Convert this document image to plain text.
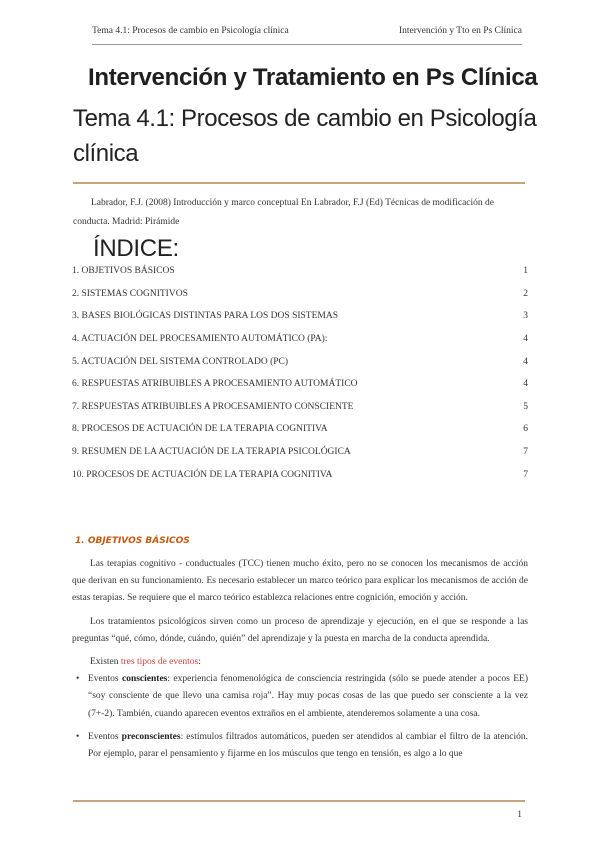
Tema 4.1: Procesos de cambio en Psicología clínica	Intervención y Tto en Ps Clínica
Intervención y Tratamiento en Ps Clínica
Tema 4.1: Procesos de cambio en Psicología clínica
Labrador, F.J. (2008) Introducción y marco conceptual En Labrador, F.J (Ed) Técnicas de modificación de conducta. Madrid: Pirámide
ÍNDICE:
1. OBJETIVOS BÁSICOS	1
2. SISTEMAS COGNITIVOS	2
3. BASES BIOLÓGICAS DISTINTAS PARA LOS DOS SISTEMAS	3
4. ACTUACIÓN DEL PROCESAMIENTO AUTOMÁTICO (PA):	4
5. ACTUACIÓN DEL SISTEMA CONTROLADO (PC)	4
6. RESPUESTAS ATRIBUIBLES A PROCESAMIENTO AUTOMÁTICO	4
7. RESPUESTAS ATRIBUIBLES A PROCESAMIENTO CONSCIENTE	5
8. PROCESOS DE ACTUACIÓN DE LA TERAPIA COGNITIVA	6
9. RESUMEN DE LA ACTUACIÓN DE LA TERAPIA PSICOLÓGICA	7
10. PROCESOS DE ACTUACIÓN DE LA TERAPIA COGNITIVA	7
1. OBJETIVOS BÁSICOS

Las terapias cognitivo - conductuales (TCC) tienen mucho éxito, pero no se conocen los mecanismos de acción que derivan en su funcionamiento. Es necesario establecer un marco teórico para explicar los mecanismos de acción de estas terapias. Se requiere que el marco teórico establezca relaciones entre cognición, emoción y acción.

Los tratamientos psicológicos sirven como un proceso de aprendizaje y ejecución, en el que se responde a las preguntas “qué, cómo, dónde, cuándo, quién” del aprendizaje y la puesta en marcha de la conducta aprendida.

Existen tres tipos de eventos:

• Eventos conscientes: experiencia fenomenológica de consciencia restringida (sólo se puede atender a pocos EE) “soy consciente de que llevo una camisa roja”. Hay muy pocas cosas de las que puedo ser consciente a la vez (7+-2). También, cuando aparecen eventos extraños en el ambiente, atenderemos solamente a una cosa.
• Eventos preconscientes: estímulos filtrados automáticos, pueden ser atendidos al cambiar el filtro de la atención. Por ejemplo, parar el pensamiento y fijarme en los músculos que tengo en tensión, es algo a lo que
1
